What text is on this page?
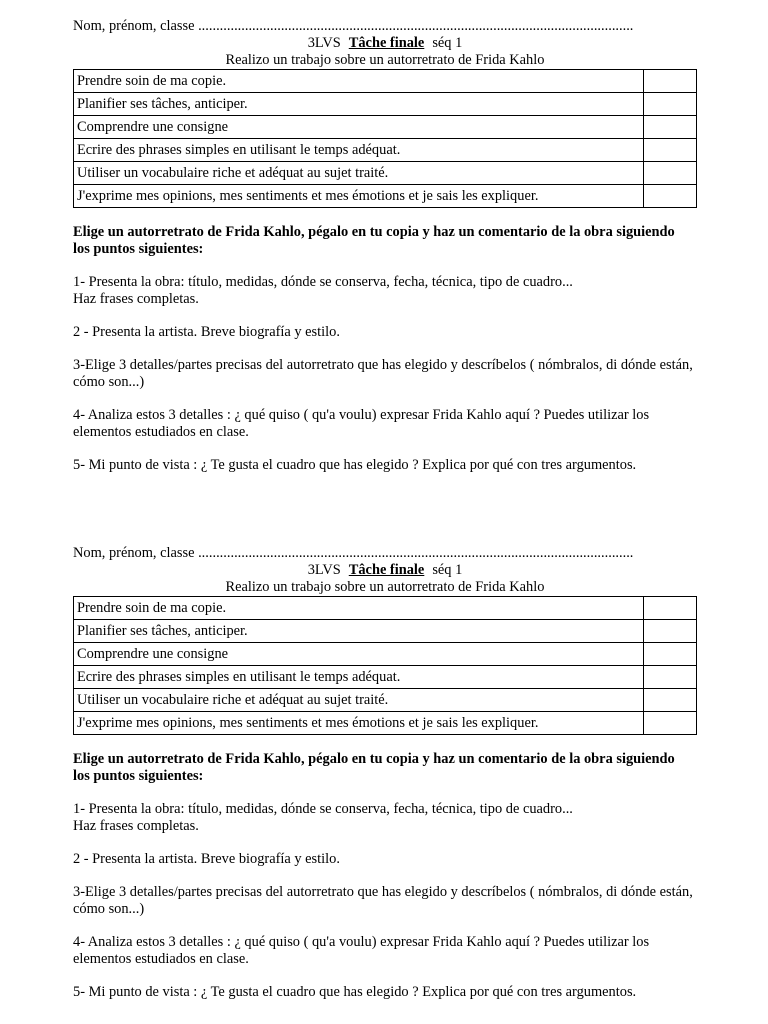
Nom, prénom, classe .........................................................................................................................
3LVS Tâche finale séq 1
Realizo un trabajo sobre un autorretrato de Frida Kahlo
Prendre soin de ma copie.	
Planifier ses tâches, anticiper.	
Comprendre une consigne	
Ecrire des phrases simples en utilisant le temps adéquat.	
Utiliser un vocabulaire riche et adéquat au sujet traité.	
J'exprime mes opinions, mes sentiments et mes émotions et je sais les expliquer.	
Elige un autorretrato de Frida Kahlo, pégalo en tu copia y haz un comentario de la obra siguiendo los puntos siguientes:

1- Presenta la obra: título, medidas, dónde se conserva, fecha, técnica, tipo de cuadro...

Haz frases completas.

2 - Presenta la artista. Breve biografía y estilo.

3-Elige 3 detalles/partes precisas del autorretrato que has elegido y descríbelos ( nómbralos, di dónde están, cómo son...)

4- Analiza estos 3 detalles : ¿ qué quiso ( qu'a voulu) expresar Frida Kahlo aquí ? Puedes utilizar los elementos estudiados en clase.

5- Mi punto de vista : ¿ Te gusta el cuadro que has elegido ? Explica por qué con tres argumentos.

Nom, prénom, classe .........................................................................................................................
3LVS Tâche finale séq 1
Realizo un trabajo sobre un autorretrato de Frida Kahlo
Prendre soin de ma copie.	
Planifier ses tâches, anticiper.	
Comprendre une consigne	
Ecrire des phrases simples en utilisant le temps adéquat.	
Utiliser un vocabulaire riche et adéquat au sujet traité.	
J'exprime mes opinions, mes sentiments et mes émotions et je sais les expliquer.	
Elige un autorretrato de Frida Kahlo, pégalo en tu copia y haz un comentario de la obra siguiendo los puntos siguientes:

1- Presenta la obra: título, medidas, dónde se conserva, fecha, técnica, tipo de cuadro...

Haz frases completas.

2 - Presenta la artista. Breve biografía y estilo.

3-Elige 3 detalles/partes precisas del autorretrato que has elegido y descríbelos ( nómbralos, di dónde están, cómo son...)

4- Analiza estos 3 detalles : ¿ qué quiso ( qu'a voulu) expresar Frida Kahlo aquí ? Puedes utilizar los elementos estudiados en clase.

5- Mi punto de vista : ¿ Te gusta el cuadro que has elegido ? Explica por qué con tres argumentos.
